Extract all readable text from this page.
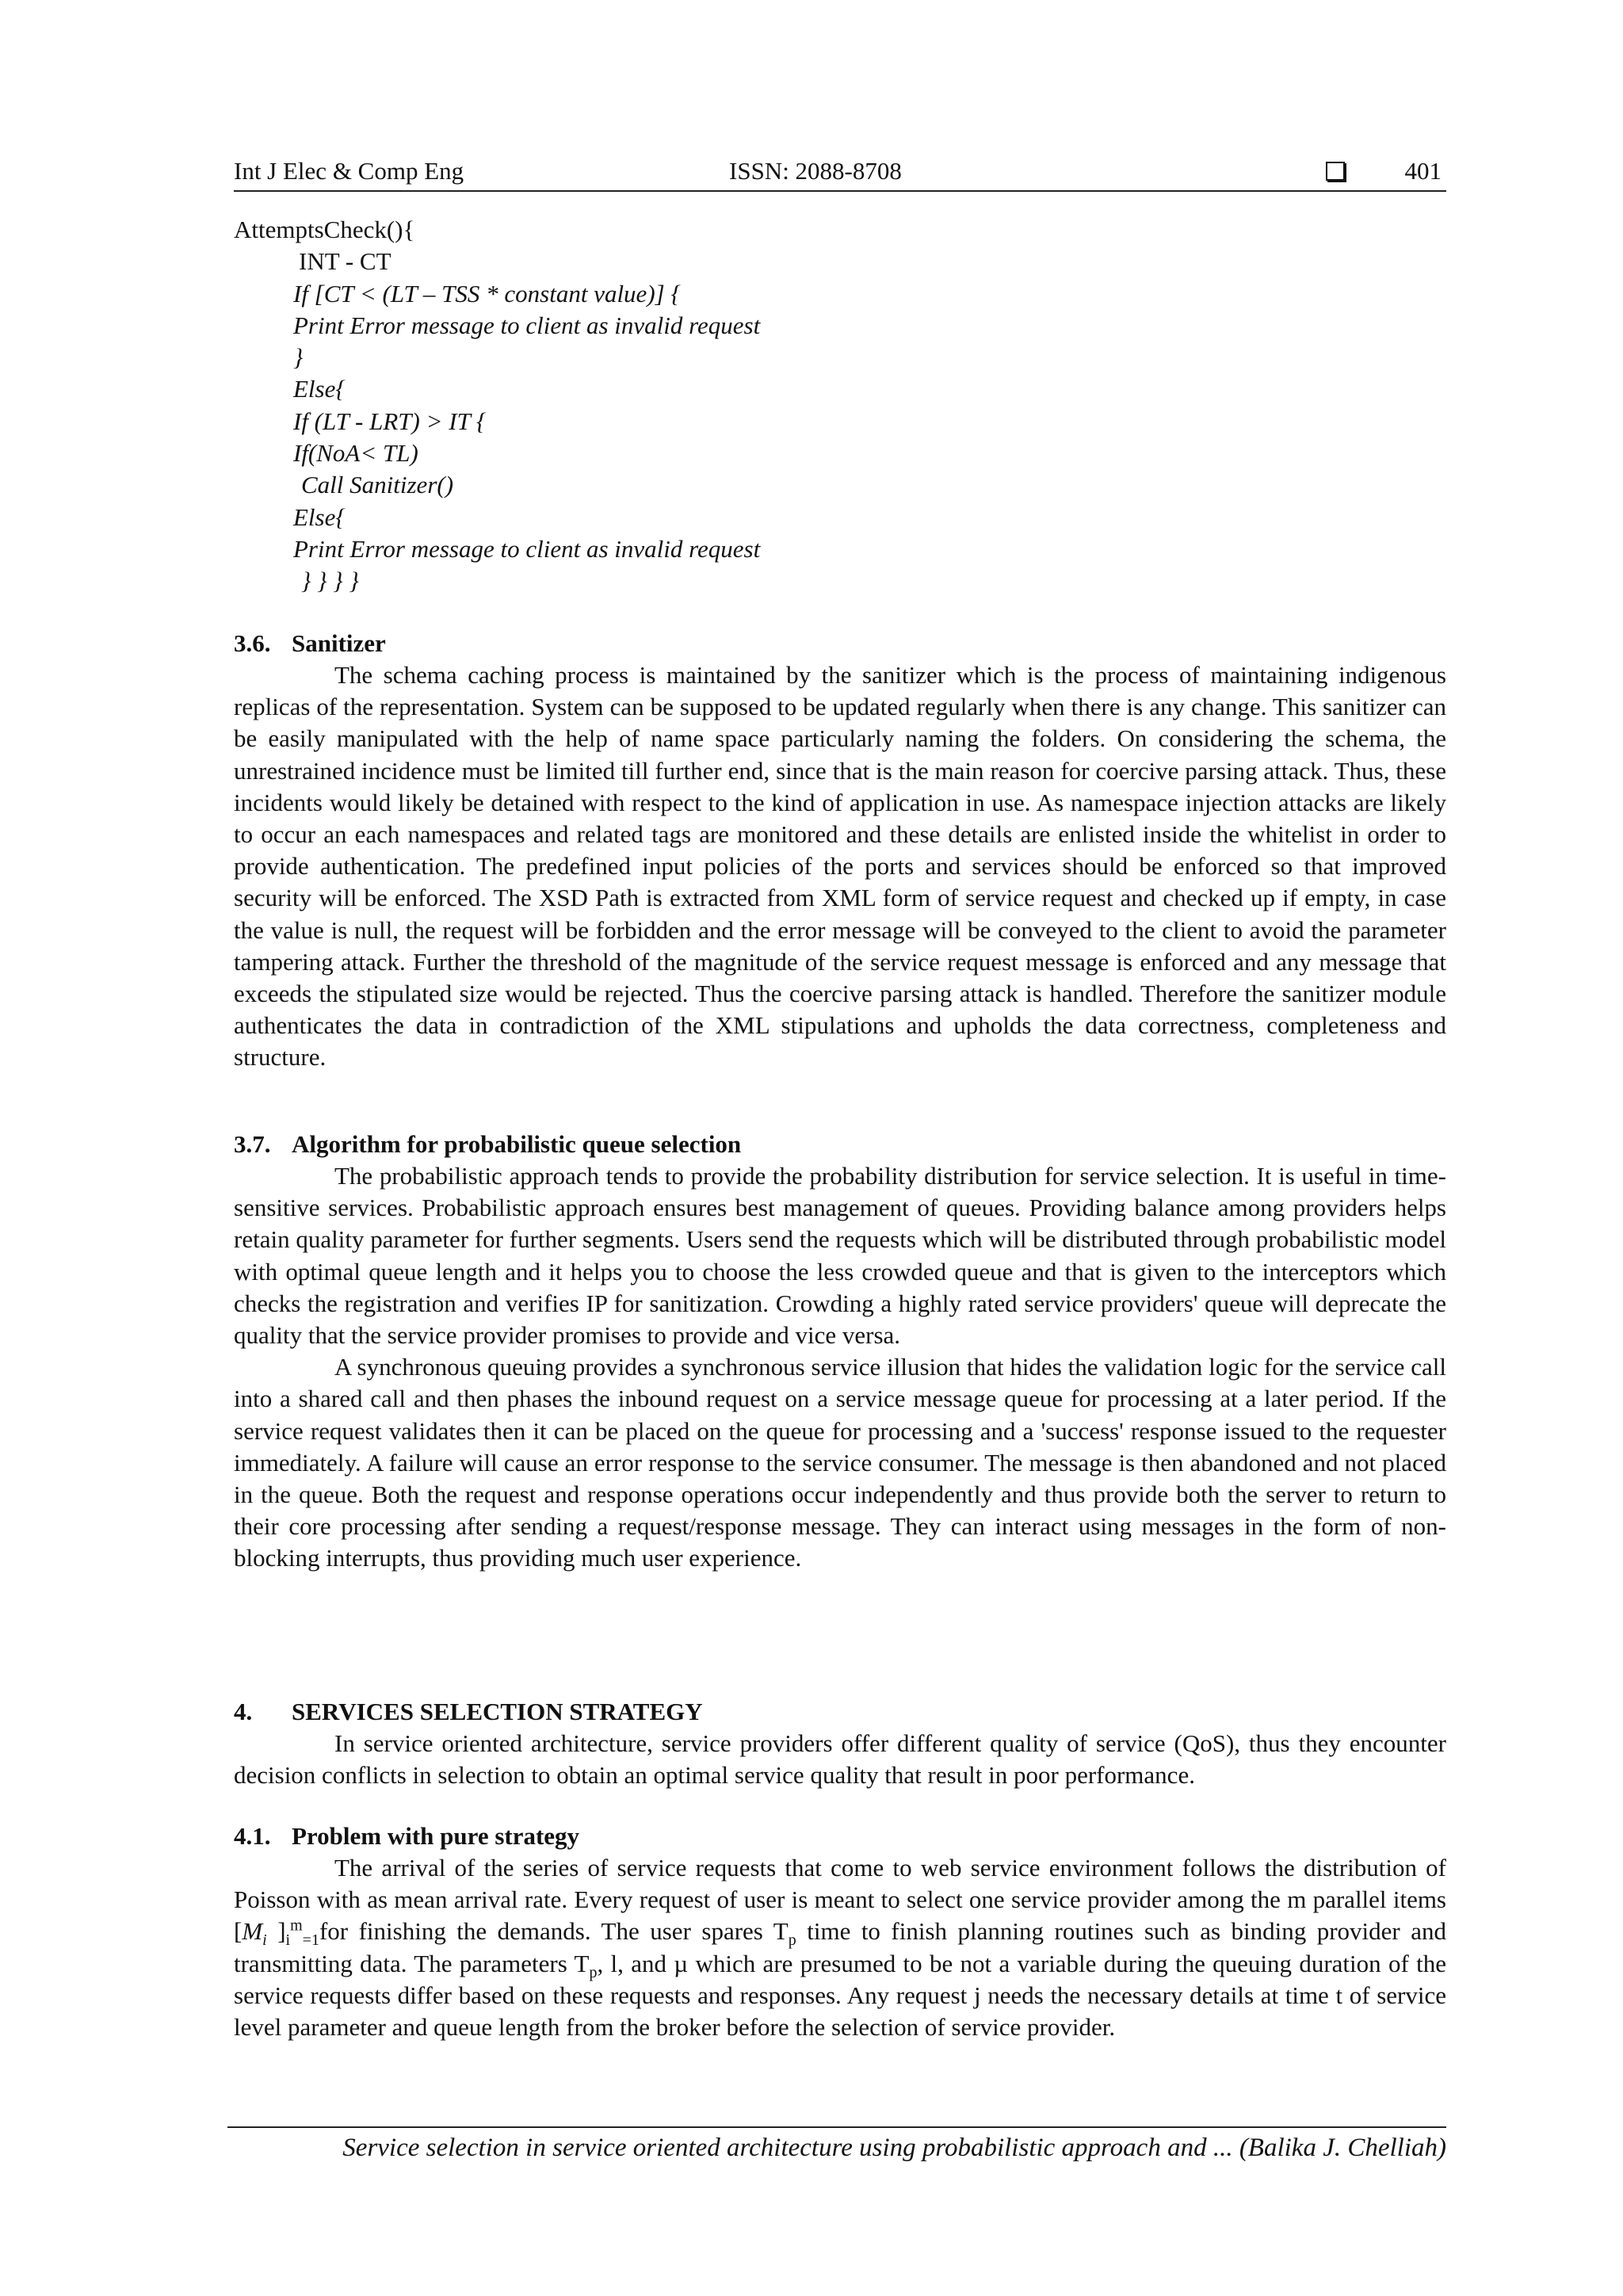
Int J Elec & Comp Eng	ISSN: 2088-8708	401
AttemptsCheck(){
INT - CT
If [CT < (LT – TSS * constant value)] {
Print Error message to client as invalid request
}
Else{
If (LT - LRT) > IT {
If(NoA< TL)
Call Sanitizer()
Else{
Print Error message to client as invalid request
} } } }
3.6. Sanitizer

The schema caching process is maintained by the sanitizer which is the process of maintaining indigenous replicas of the representation. System can be supposed to be updated regularly when there is any change. This sanitizer can be easily manipulated with the help of name space particularly naming the folders. On considering the schema, the unrestrained incidence must be limited till further end, since that is the main reason for coercive parsing attack. Thus, these incidents would likely be detained with respect to the kind of application in use. As namespace injection attacks are likely to occur an each namespaces and related tags are monitored and these details are enlisted inside the whitelist in order to provide authentication. The predefined input policies of the ports and services should be enforced so that improved security will be enforced. The XSD Path is extracted from XML form of service request and checked up if empty, in case the value is null, the request will be forbidden and the error message will be conveyed to the client to avoid the parameter tampering attack. Further the threshold of the magnitude of the service request message is enforced and any message that exceeds the stipulated size would be rejected. Thus the coercive parsing attack is handled. Therefore the sanitizer module authenticates the data in contradiction of the XML stipulations and upholds the data correctness, completeness and structure.

3.7. Algorithm for probabilistic queue selection

The probabilistic approach tends to provide the probability distribution for service selection. It is useful in time-sensitive services. Probabilistic approach ensures best management of queues. Providing balance among providers helps retain quality parameter for further segments. Users send the requests which will be distributed through probabilistic model with optimal queue length and it helps you to choose the less crowded queue and that is given to the interceptors which checks the registration and verifies IP for sanitization. Crowding a highly rated service providers' queue will deprecate the quality that the service provider promises to provide and vice versa.

A synchronous queuing provides a synchronous service illusion that hides the validation logic for the service call into a shared call and then phases the inbound request on a service message queue for processing at a later period. If the service request validates then it can be placed on the queue for processing and a 'success' response issued to the requester immediately. A failure will cause an error response to the service consumer. The message is then abandoned and not placed in the queue. Both the request and response operations occur independently and thus provide both the server to return to their core processing after sending a request/response message. They can interact using messages in the form of non-blocking interrupts, thus providing much user experience.

4. SERVICES SELECTION STRATEGY

In service oriented architecture, service providers offer different quality of service (QoS), thus they encounter decision conflicts in selection to obtain an optimal service quality that result in poor performance.

4.1. Problem with pure strategy

The arrival of the series of service requests that come to web service environment follows the distribution of Poisson with as mean arrival rate. Every request of user is meant to select one service provider among the m parallel items [$M_i$ ]$_i^m_{=1}for$ finishing the demands. The user spares $T_p$ time to finish planning routines such as binding provider and transmitting data. The parameters $T_p$, l, and µ which are presumed to be not a variable during the queuing duration of the service requests differ based on these requests and responses. Any request j needs the necessary details at time t of service level parameter and queue length from the broker before the selection of service provider.

Service selection in service oriented architecture using probabilistic approach and ... (Balika J. Chelliah)
